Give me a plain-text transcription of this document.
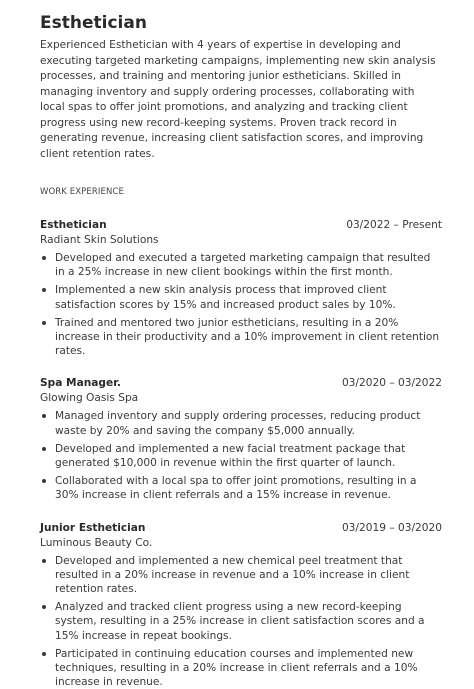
Esthetician

Experienced Esthetician with 4 years of expertise in developing and executing targeted marketing campaigns, implementing new skin analysis processes, and training and mentoring junior estheticians. Skilled in managing inventory and supply ordering processes, collaborating with local spas to offer joint promotions, and analyzing and tracking client progress using new record-keeping systems. Proven track record in generating revenue, increasing client satisfaction scores, and improving client retention rates.

WORK EXPERIENCE
Esthetician	03/2022 – Present
Radiant Skin Solutions
Developed and executed a targeted marketing campaign that resulted in a 25% increase in new client bookings within the first month.
Implemented a new skin analysis process that improved client satisfaction scores by 15% and increased product sales by 10%.
Trained and mentored two junior estheticians, resulting in a 20% increase in their productivity and a 10% improvement in client retention rates.
Spa Manager.	03/2020 – 03/2022
Glowing Oasis Spa
Managed inventory and supply ordering processes, reducing product waste by 20% and saving the company $5,000 annually.
Developed and implemented a new facial treatment package that generated $10,000 in revenue within the first quarter of launch.
Collaborated with a local spa to offer joint promotions, resulting in a 30% increase in client referrals and a 15% increase in revenue.
Junior Esthetician	03/2019 – 03/2020
Luminous Beauty Co.
Developed and implemented a new chemical peel treatment that resulted in a 20% increase in revenue and a 10% increase in client retention rates.
Analyzed and tracked client progress using a new record-keeping system, resulting in a 25% increase in client satisfaction scores and a 15% increase in repeat bookings.
Participated in continuing education courses and implemented new techniques, resulting in a 20% increase in client referrals and a 10% increase in revenue.
